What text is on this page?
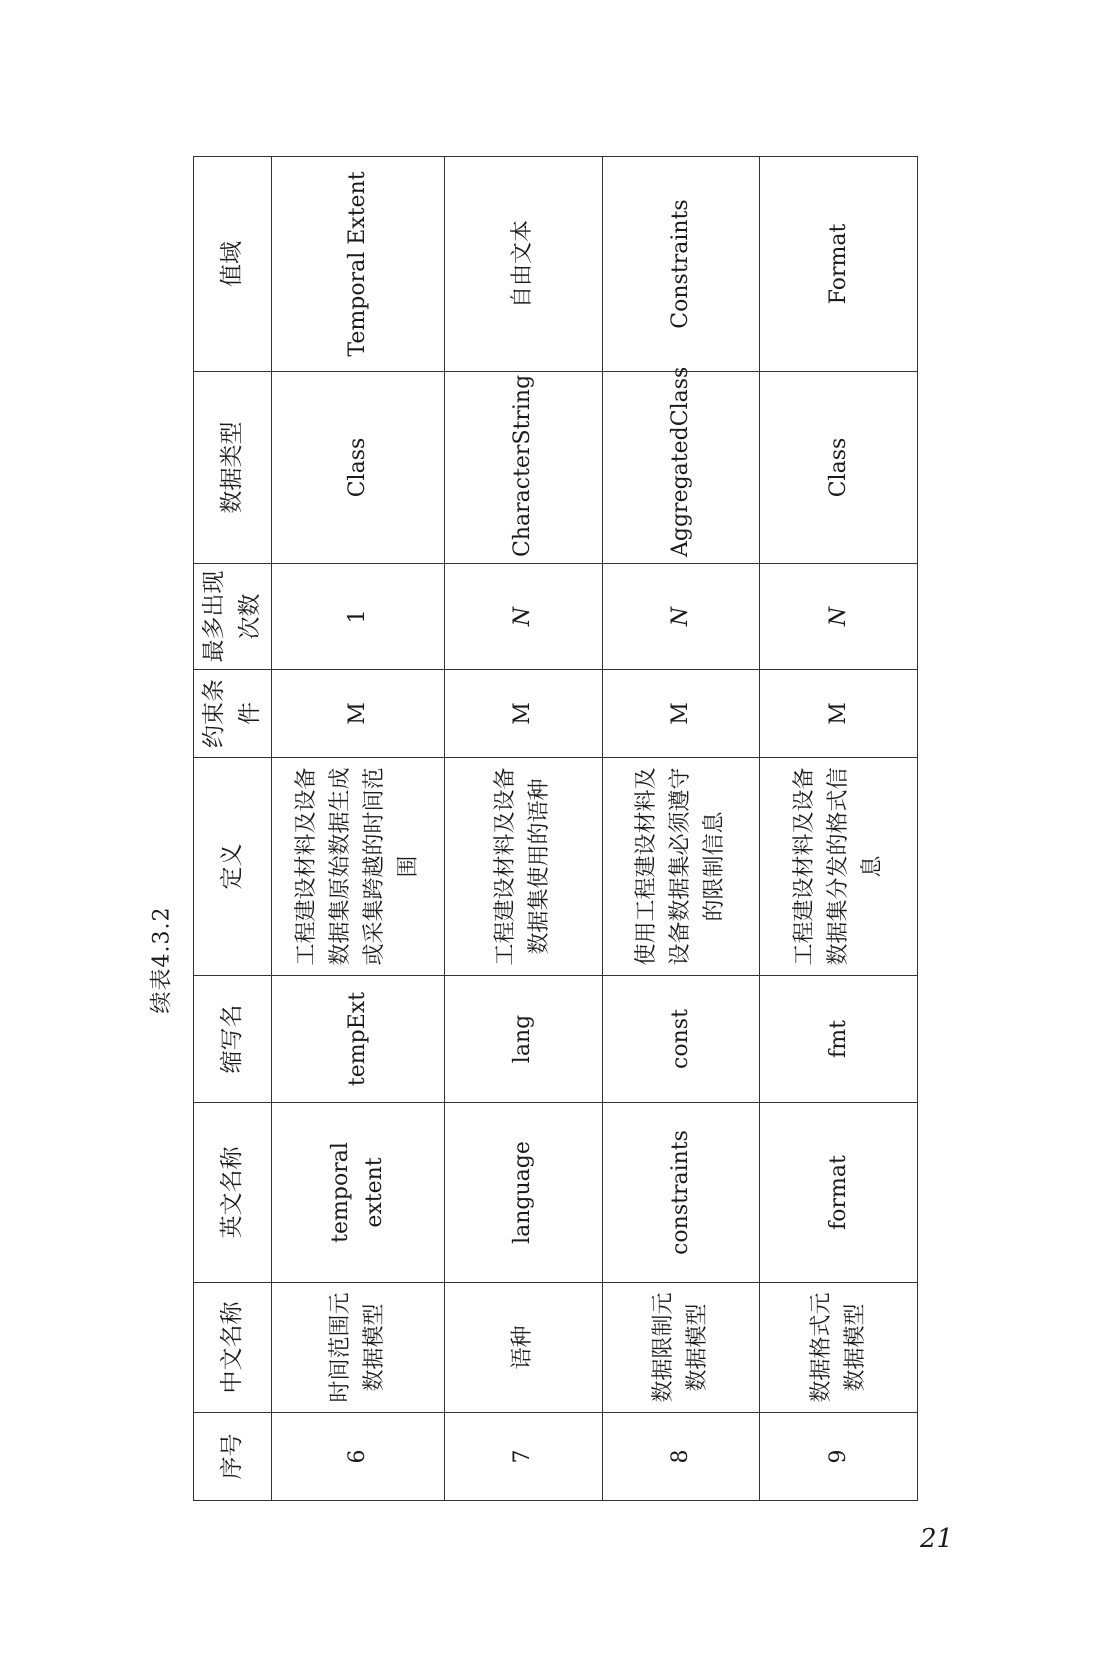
续表4.3.2
序号	中文名称	英文名称	缩写名	定义	约束条件	最多出现次数	数据类型	值域
6	时间范围元数据模型	temporal extent	tempExt	工程建设材料及设备数据集原始数据生成或采集跨越的时间范围	M	1	Class	Temporal Extent
7	语种	language	lang	工程建设材料及设备数据集使用的语种	M	N	CharacterString	自由文本
8	数据限制元数据模型	constraints	const	使用工程建设材料及设备数据集必须遵守的限制信息	M	N	AggregatedClass	Constraints
9	数据格式元数据模型	format	fmt	工程建设材料及设备数据集分发的格式信息	M	N	Class	Format
21
